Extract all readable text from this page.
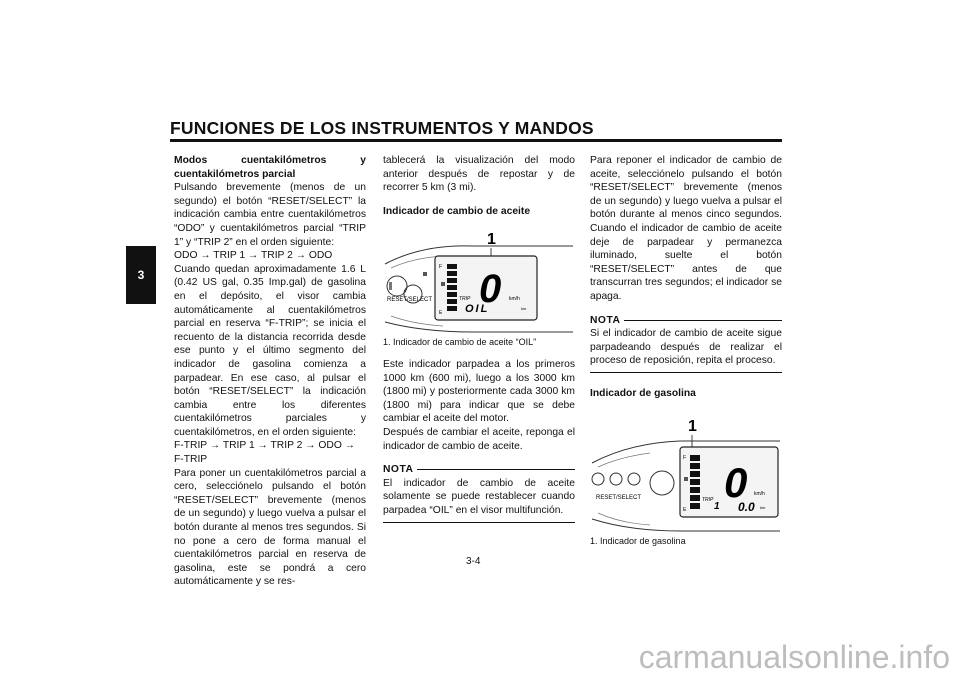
FUNCIONES DE LOS INSTRUMENTOS Y MANDOS
3

Modos cuentakilómetros y cuentakilómetros parcial

Pulsando brevemente (menos de un segundo) el botón “RESET/SELECT” la indicación cambia entre cuentakilómetros “ODO” y cuentakilómetros parcial “TRIP 1” y “TRIP 2” en el orden siguiente:

ODO → TRIP 1 → TRIP 2 → ODO

Cuando quedan aproximadamente 1.6 L (0.42 US gal, 0.35 Imp.gal) de gasolina en el depósito, el visor cambia automáticamente al cuentakilómetros parcial en reserva “F-TRIP”; se inicia el recuento de la distancia recorrida desde ese punto y el último segmento del indicador de gasolina comienza a parpadear. En ese caso, al pulsar el botón “RESET/SELECT” la indicación cambia entre los diferentes cuentakilómetros parciales y cuentakilómetros, en el orden siguiente:

F-TRIP → TRIP 1 → TRIP 2 → ODO → F-TRIP

Para poner un cuentakilómetros parcial a cero, selecciónelo pulsando el botón “RESET/SELECT” brevemente (menos de un segundo) y luego vuelva a pulsar el botón durante al menos tres segundos. Si no pone a cero de forma manual el cuentakilómetros parcial en reserva de gasolina, este se pondrá a cero automáticamente y se res-

tablecerá la visualización del modo anterior después de repostar y de recorrer 5 km (3 mi).

Indicador de cambio de aceite

1
RESET/SELECT
F
E
0 km/h
TRIP
OIL	km

1. Indicador de cambio de aceite “OIL”

Este indicador parpadea a los primeros 1000 km (600 mi), luego a los 3000 km (1800 mi) y posteriormente cada 3000 km (1800 mi) para indicar que se debe cambiar el aceite del motor.

Después de cambiar el aceite, reponga el indicador de cambio de aceite.

NOTA

El indicador de cambio de aceite solamente se puede restablecer cuando parpadea “OIL” en el visor multifunción.

Para reponer el indicador de cambio de aceite, selecciónelo pulsando el botón “RESET/SELECT” brevemente (menos de un segundo) y luego vuelva a pulsar el botón durante al menos cinco segundos. Cuando el indicador de cambio de aceite deje de parpadear y permanezca iluminado, suelte el botón “RESET/SELECT” antes de que transcurran tres segundos; el indicador se apaga.

NOTA

Si el indicador de cambio de aceite sigue parpadeando después de realizar el proceso de reposición, repita el proceso.

Indicador de gasolina

1
RESET/SELECT
F
E
0 km/h
TRIP
1 0.0 km

1. Indicador de gasolina

3-4
carmanualsonline.info
